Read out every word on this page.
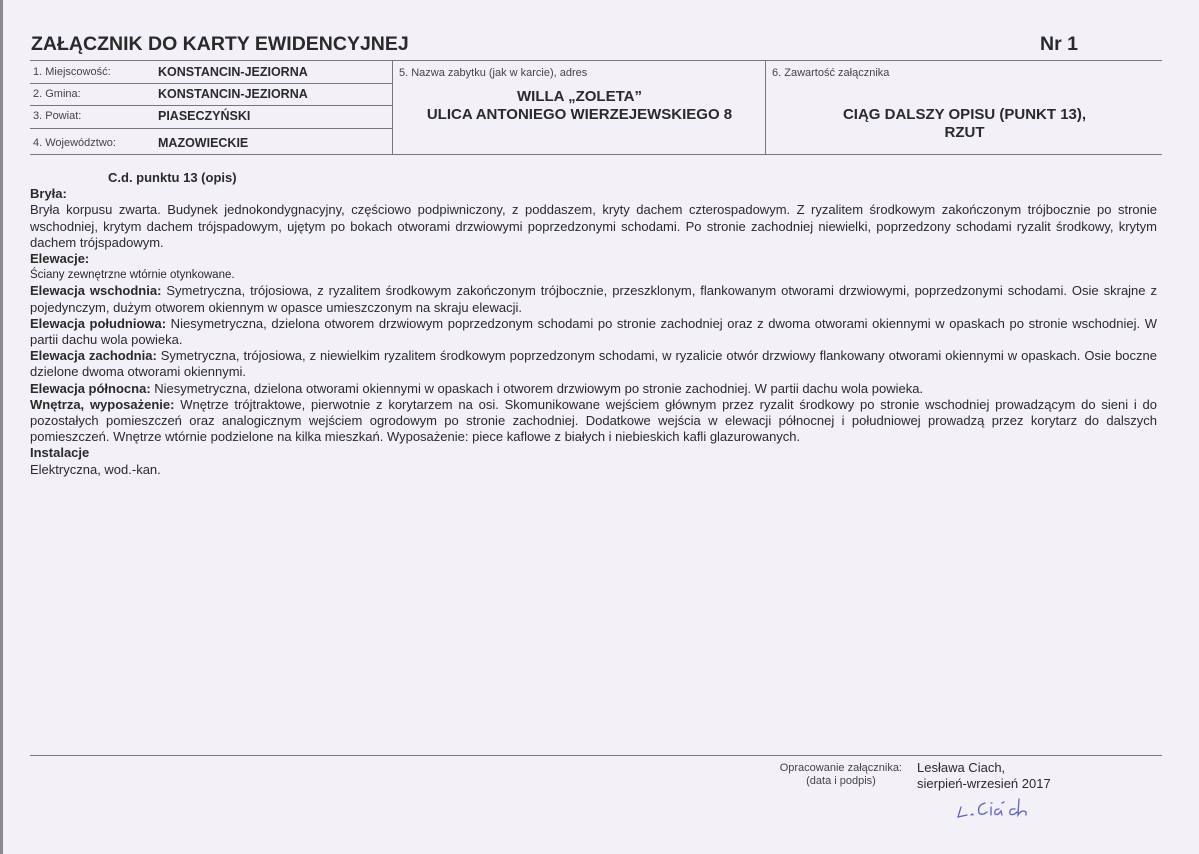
ZAŁĄCZNIK DO KARTY EWIDENCYJNEJ	Nr 1
1. Miejscowość:	KONSTANCIN-JEZIORNA
2. Gmina:	KONSTANCIN-JEZIORNA
3. Powiat:	PIASECZYŃSKI
4. Województwo:	MAZOWIECKIE
5. Nazwa zabytku (jak w karcie), adres
WILLA „ZOLETA”
ULICA ANTONIEGO WIERZEJEWSKIEGO 8
6. Zawartość załącznika
CIĄG DALSZY OPISU (PUNKT 13),
RZUT

C.d. punktu 13 (opis)

Bryła:

Bryła korpusu zwarta. Budynek jednokondygnacyjny, częściowo podpiwniczony, z poddaszem, kryty dachem czterospadowym. Z ryzalitem środkowym zakończonym trójbocznie po stronie wschodniej, krytym dachem trójspadowym, ujętym po bokach otworami drzwiowymi poprzedzonymi schodami. Po stronie zachodniej niewielki, poprzedzony schodami ryzalit środkowy, krytym dachem trójspadowym.

Elewacje:

Ściany zewnętrzne wtórnie otynkowane.

Elewacja wschodnia: Symetryczna, trójosiowa, z ryzalitem środkowym zakończonym trójbocznie, przeszklonym, flankowanym otworami drzwiowymi, poprzedzonymi schodami. Osie skrajne z pojedynczym, dużym otworem okiennym w opasce umieszczonym na skraju elewacji.

Elewacja południowa: Niesymetryczna, dzielona otworem drzwiowym poprzedzonym schodami po stronie zachodniej oraz z dwoma otworami okiennymi w opaskach po stronie wschodniej. W partii dachu wola powieka.

Elewacja zachodnia: Symetryczna, trójosiowa, z niewielkim ryzalitem środkowym poprzedzonym schodami, w ryzalicie otwór drzwiowy flankowany otworami okiennymi w opaskach. Osie boczne dzielone dwoma otworami okiennymi.

Elewacja północna: Niesymetryczna, dzielona otworami okiennymi w opaskach i otworem drzwiowym po stronie zachodniej. W partii dachu wola powieka.

Wnętrza, wyposażenie: Wnętrze trójtraktowe, pierwotnie z korytarzem na osi. Skomunikowane wejściem głównym przez ryzalit środkowy po stronie wschodniej prowadzącym do sieni i do pozostałych pomieszczeń oraz analogicznym wejściem ogrodowym po stronie zachodniej. Dodatkowe wejścia w elewacji północnej i południowej prowadzą przez korytarz do dalszych pomieszczeń. Wnętrze wtórnie podzielone na kilka mieszkań. Wyposażenie: piece kaflowe z białych i niebieskich kafli glazurowanych.

Instalacje

Elektryczna, wod.-kan.

Opracowanie załącznika:
(data i podpis)
Lesława Ciach,
sierpień-wrzesień 2017
